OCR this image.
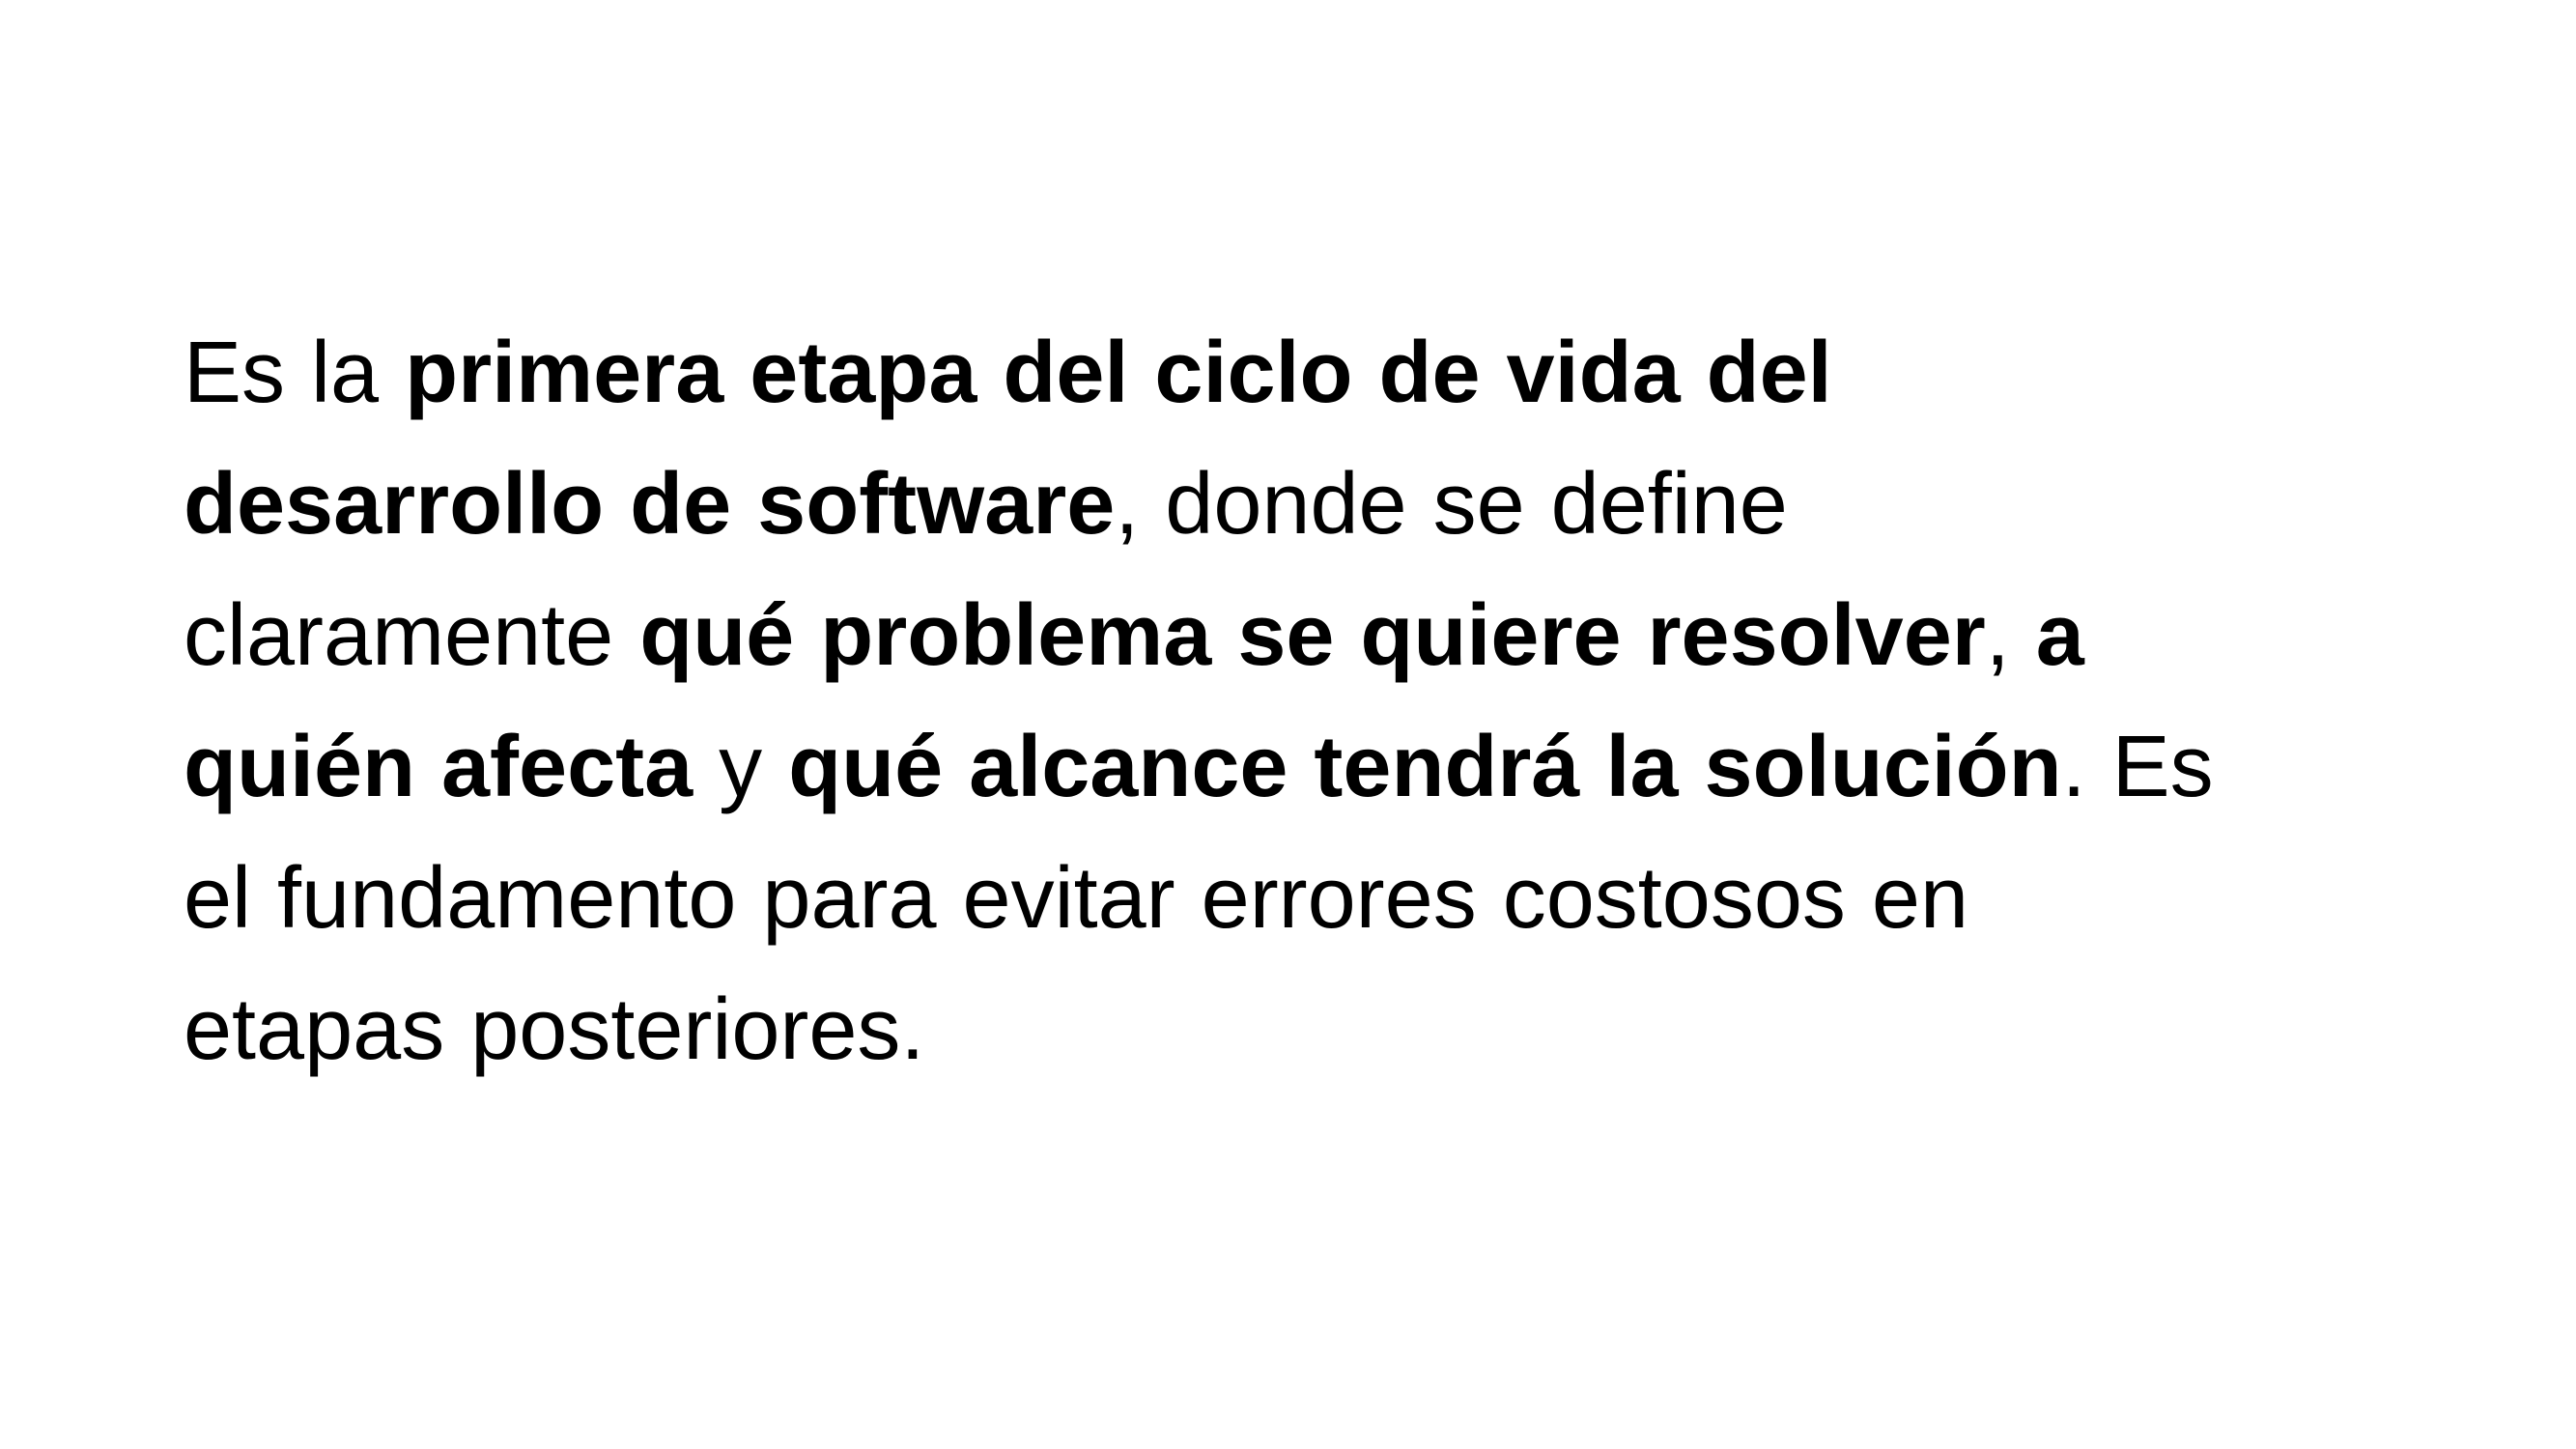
Es la primera etapa del ciclo de vida del
desarrollo de software, donde se define
claramente qué problema se quiere resolver, a
quién afecta y qué alcance tendrá la solución. Es
el fundamento para evitar errores costosos en
etapas posteriores.
